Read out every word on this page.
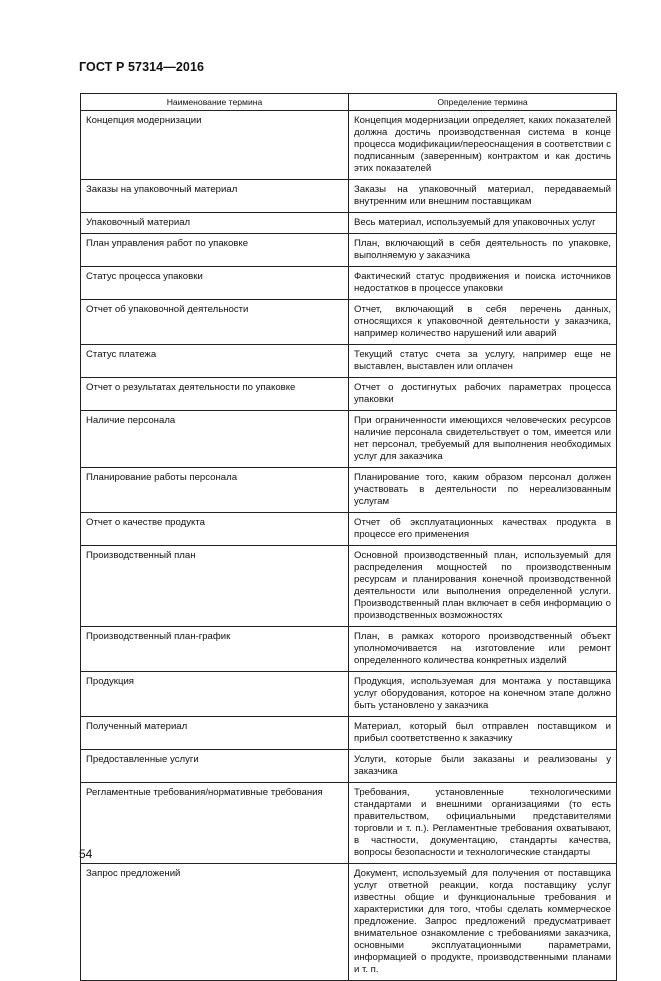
ГОСТ Р 57314—2016
Наименование термина	Определение термина
Концепция модернизации	Концепция модернизации определяет, каких показателей должна достичь производственная система в конце процесса модификации/переоснащения в соответствии с подписанным (заверенным) контрактом и как достичь этих показателей
Заказы на упаковочный материал	Заказы на упаковочный материал, передаваемый внутренним или внешним поставщикам
Упаковочный материал	Весь материал, используемый для упаковочных услуг
План управления работ по упаковке	План, включающий в себя деятельность по упаковке, выполняемую у заказчика
Статус процесса упаковки	Фактический статус продвижения и поиска источников недостатков в процессе упаковки
Отчет об упаковочной деятельности	Отчет, включающий в себя перечень данных, относящихся к упаковочной деятельности у заказчика, например количество нарушений или аварий
Статус платежа	Текущий статус счета за услугу, например еще не выставлен, выставлен или оплачен
Отчет о результатах деятельности по упаковке	Отчет о достигнутых рабочих параметрах процесса упаковки
Наличие персонала	При ограниченности имеющихся человеческих ресурсов наличие персонала свидетельствует о том, имеется или нет персонал, требуемый для выполнения необходимых услуг для заказчика
Планирование работы персонала	Планирование того, каким образом персонал должен участвовать в деятельности по нереализованным услугам
Отчет о качестве продукта	Отчет об эксплуатационных качествах продукта в процессе его применения
Производственный план	Основной производственный план, используемый для распределения мощностей по производственным ресурсам и планирования конечной производственной деятельности или выполнения определенной услуги. Производственный план включает в себя информацию о производственных возможностях
Производственный план-график	План, в рамках которого производственный объект уполномочивается на изготовление или ремонт определенного количества конкретных изделий
Продукция	Продукция, используемая для монтажа у поставщика услуг оборудования, которое на конечном этапе должно быть установлено у заказчика
Полученный материал	Материал, который был отправлен поставщиком и прибыл соответственно к заказчику
Предоставленные услуги	Услуги, которые были заказаны и реализованы у заказчика
Регламентные требования/нормативные требования	Требования, установленные технологическими стандартами и внешними организациями (то есть правительством, официальными представителями торговли и т. п.). Регламентные требования охватывают, в частности, документацию, стандарты качества, вопросы безопасности и технологические стандарты
Запрос предложений	Документ, используемый для получения от поставщика услуг ответной реакции, когда поставщику услуг известны общие и функциональные требования и характеристики для того, чтобы сделать коммерческое предложение. Запрос предложений предусматривает внимательное ознакомление с требованиями заказчика, основными эксплуатационными параметрами, информацией о продукте, производственными планами и т. п.
54
